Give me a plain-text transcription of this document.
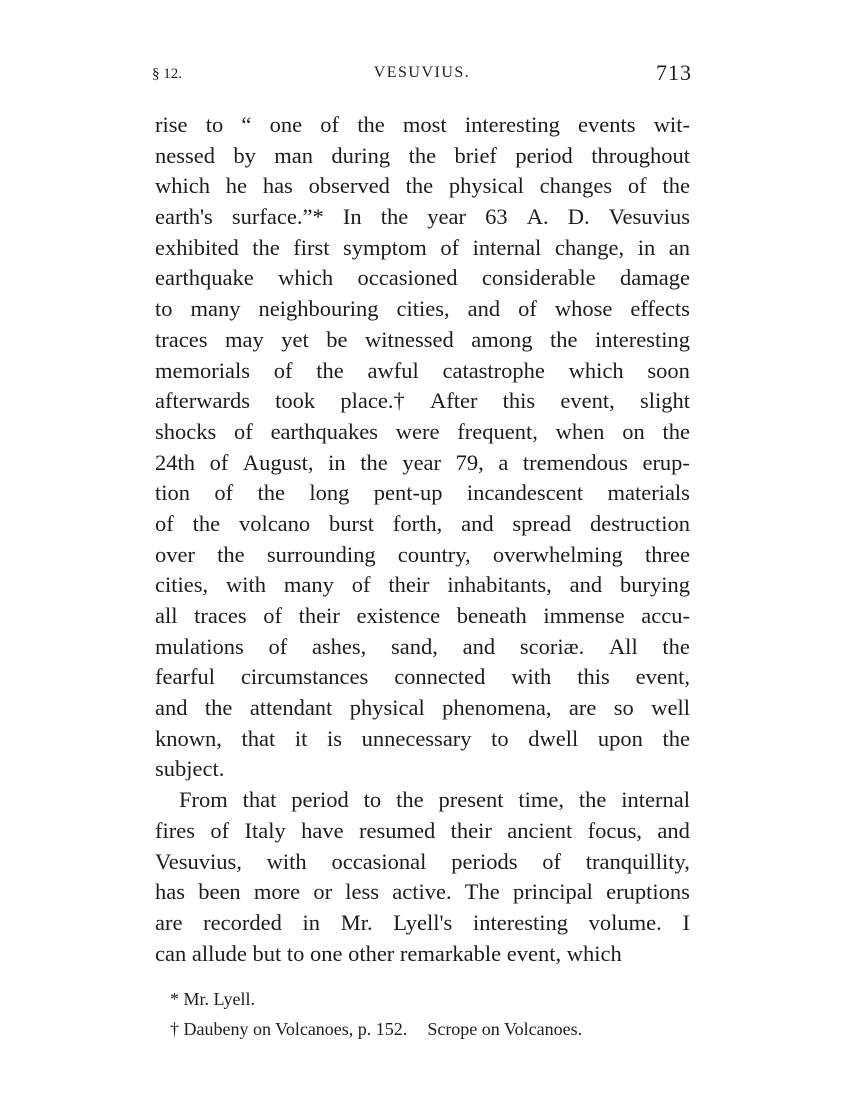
§ 12.	VESUVIUS.	713
rise to “ one of the most interesting events wit-
nessed by man during the brief period throughout
which he has observed the physical changes of the
earth's surface.”* In the year 63 A. D. Vesuvius
exhibited the first symptom of internal change, in an
earthquake which occasioned considerable damage
to many neighbouring cities, and of whose effects
traces may yet be witnessed among the interesting
memorials of the awful catastrophe which soon
afterwards took place.† After this event, slight
shocks of earthquakes were frequent, when on the
24th of August, in the year 79, a tremendous erup-
tion of the long pent-up incandescent materials
of the volcano burst forth, and spread destruction
over the surrounding country, overwhelming three
cities, with many of their inhabitants, and burying
all traces of their existence beneath immense accu-
mulations of ashes, sand, and scoriæ. All the
fearful circumstances connected with this event,
and the attendant physical phenomena, are so well
known, that it is unnecessary to dwell upon the
subject.
From that period to the present time, the internal
fires of Italy have resumed their ancient focus, and
Vesuvius, with occasional periods of tranquillity,
has been more or less active. The principal eruptions
are recorded in Mr. Lyell's interesting volume. I
can allude but to one other remarkable event, which
* Mr. Lyell.
† Daubeny on Volcanoes, p. 152. Scrope on Volcanoes.
